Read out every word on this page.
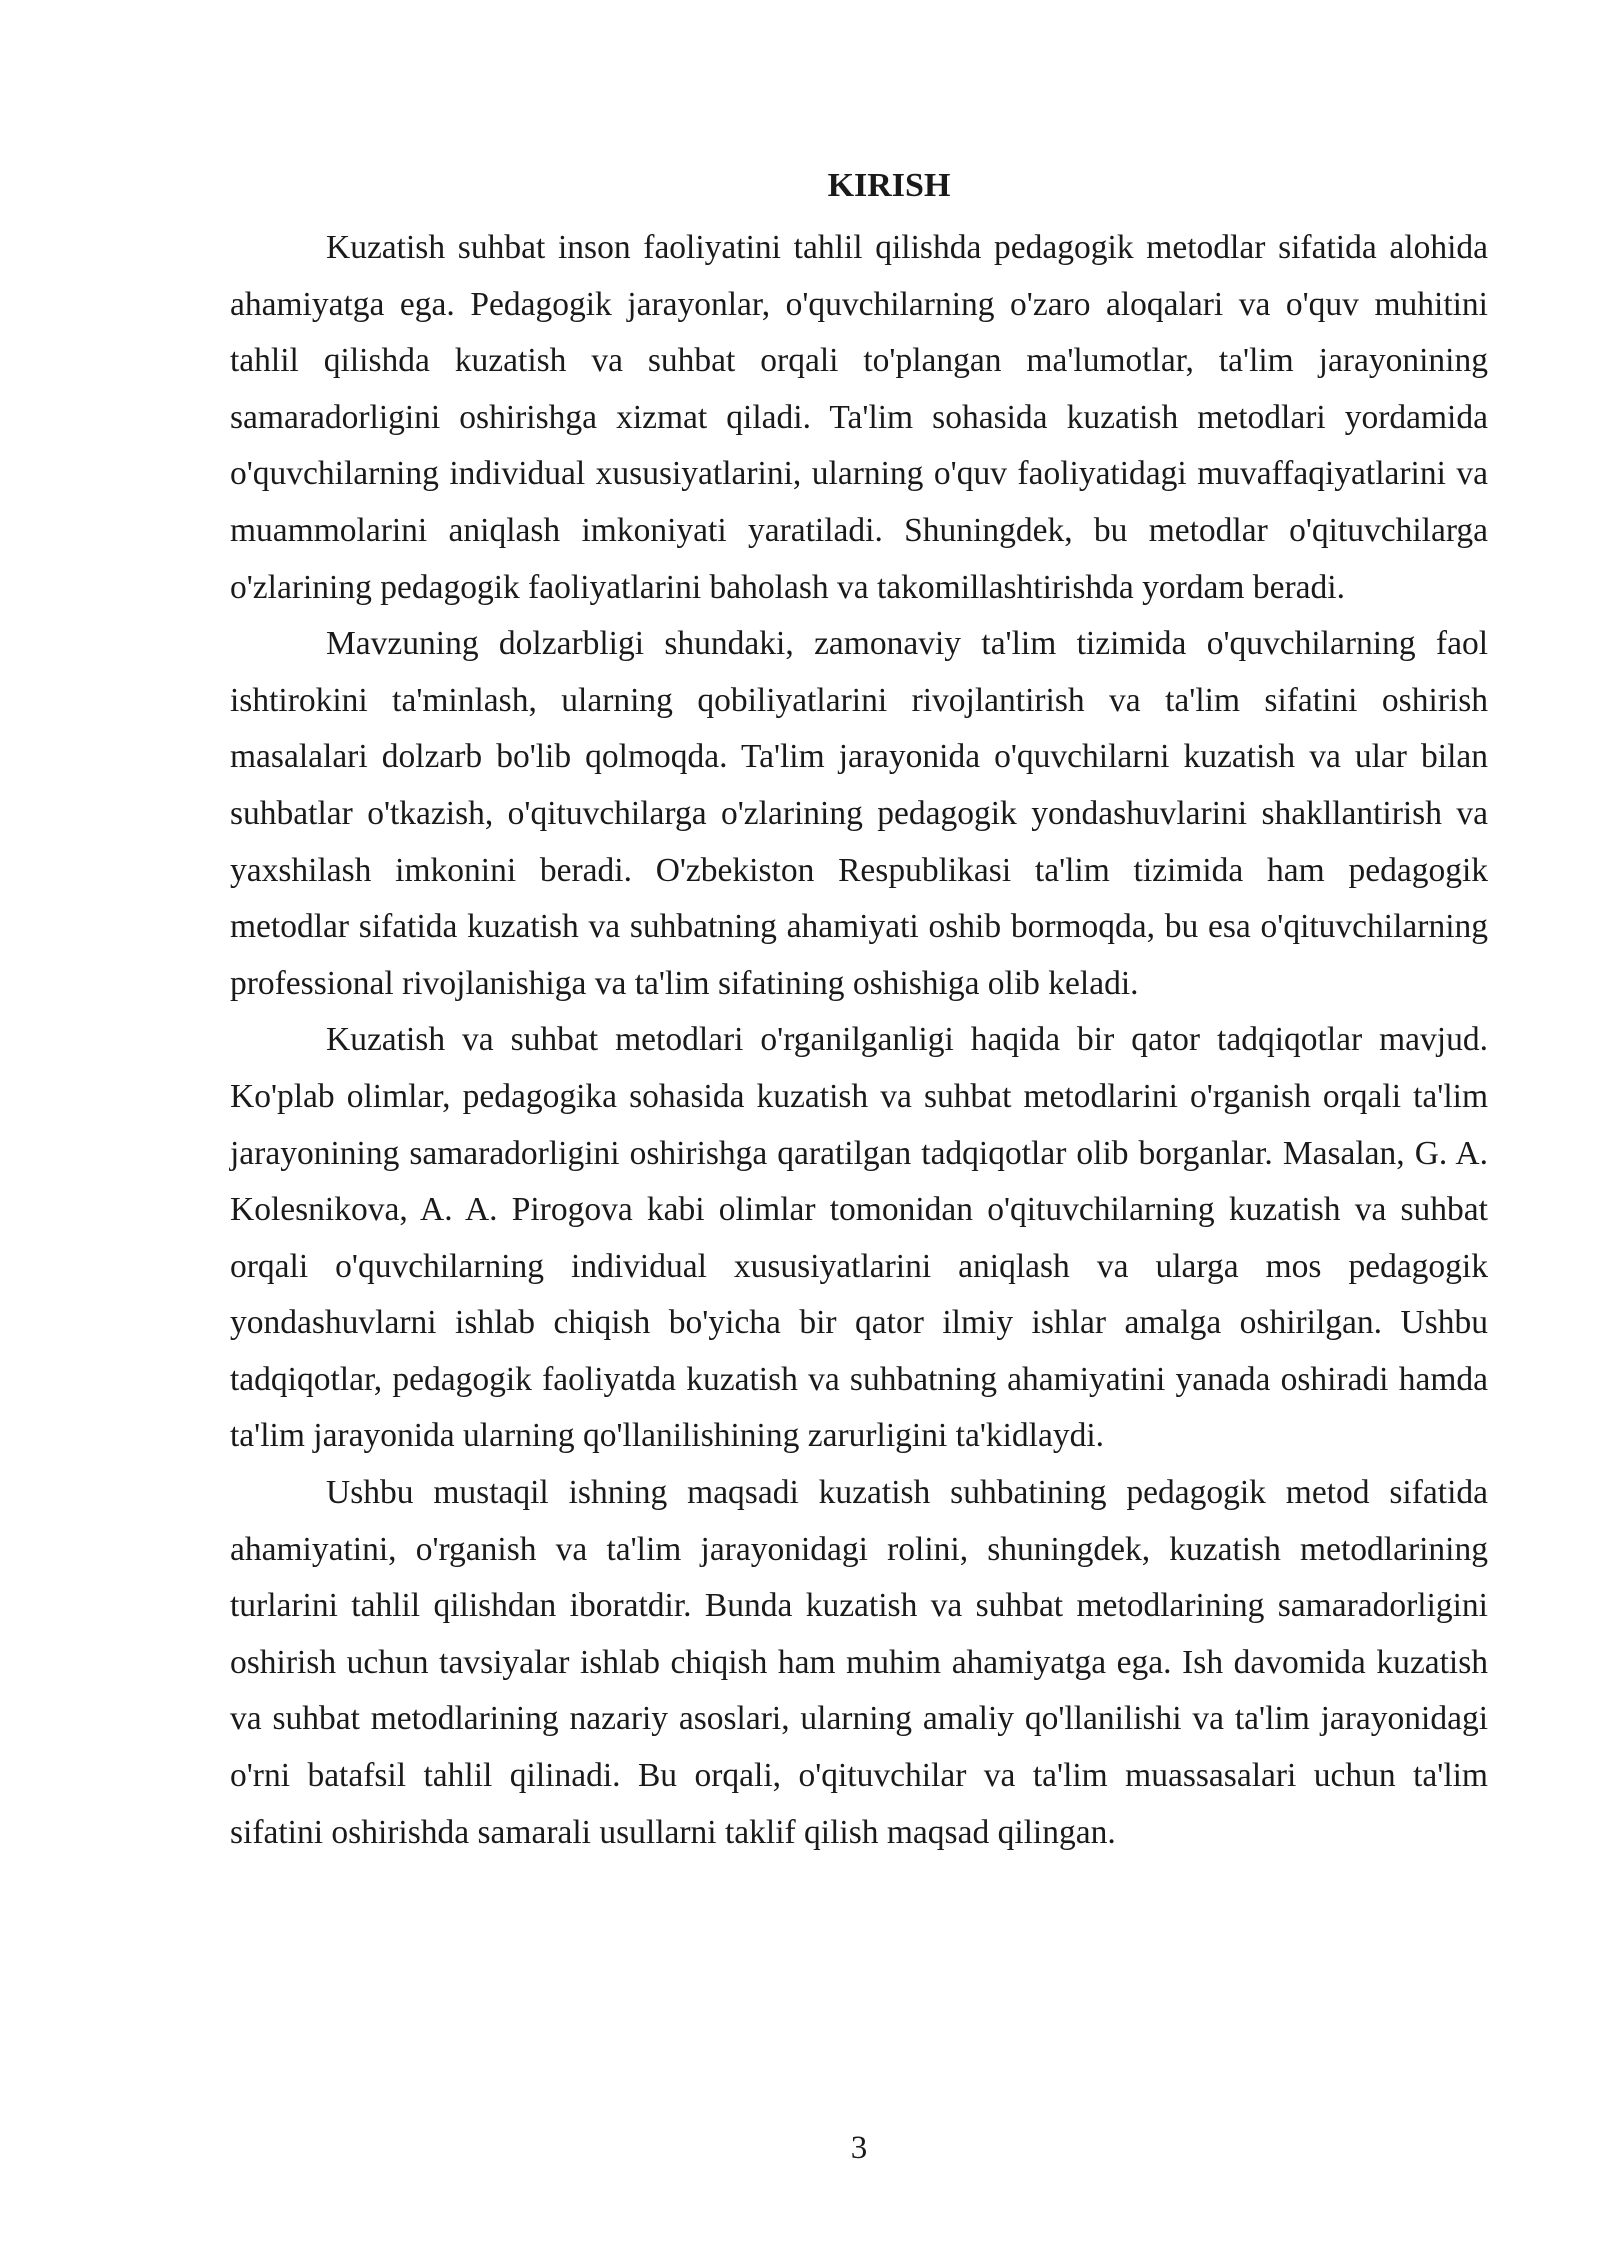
KIRISH

Kuzatish suhbat inson faoliyatini tahlil qilishda pedagogik metodlar sifatida alohida ahamiyatga ega. Pedagogik jarayonlar, o'quvchilarning o'zaro aloqalari va o'quv muhitini tahlil qilishda kuzatish va suhbat orqali to'plangan ma'lumotlar, ta'lim jarayonining samaradorligini oshirishga xizmat qiladi. Ta'lim sohasida kuzatish metodlari yordamida o'quvchilarning individual xususiyatlarini, ularning o'quv faoliyatidagi muvaffaqiyatlarini va muammolarini aniqlash imkoniyati yaratiladi. Shuningdek, bu metodlar o'qituvchilarga o'zlarining pedagogik faoliyatlarini baholash va takomillashtirishda yordam beradi.

Mavzuning dolzarbligi shundaki, zamonaviy ta'lim tizimida o'quvchilarning faol ishtirokini ta'minlash, ularning qobiliyatlarini rivojlantirish va ta'lim sifatini oshirish masalalari dolzarb bo'lib qolmoqda. Ta'lim jarayonida o'quvchilarni kuzatish va ular bilan suhbatlar o'tkazish, o'qituvchilarga o'zlarining pedagogik yondashuvlarini shakllantirish va yaxshilash imkonini beradi. O'zbekiston Respublikasi ta'lim tizimida ham pedagogik metodlar sifatida kuzatish va suhbatning ahamiyati oshib bormoqda, bu esa o'qituvchilarning professional rivojlanishiga va ta'lim sifatining oshishiga olib keladi.

Kuzatish va suhbat metodlari o'rganilganligi haqida bir qator tadqiqotlar mavjud. Ko'plab olimlar, pedagogika sohasida kuzatish va suhbat metodlarini o'rganish orqali ta'lim jarayonining samaradorligini oshirishga qaratilgan tadqiqotlar olib borganlar. Masalan, G. A. Kolesnikova, A. A. Pirogova kabi olimlar tomonidan o'qituvchilarning kuzatish va suhbat orqali o'quvchilarning individual xususiyatlarini aniqlash va ularga mos pedagogik yondashuvlarni ishlab chiqish bo'yicha bir qator ilmiy ishlar amalga oshirilgan. Ushbu tadqiqotlar, pedagogik faoliyatda kuzatish va suhbatning ahamiyatini yanada oshiradi hamda ta'lim jarayonida ularning qo'llanilishining zarurligini ta'kidlaydi.

Ushbu mustaqil ishning maqsadi kuzatish suhbatining pedagogik metod sifatida ahamiyatini, o'rganish va ta'lim jarayonidagi rolini, shuningdek, kuzatish metodlarining turlarini tahlil qilishdan iboratdir. Bunda kuzatish va suhbat metodlarining samaradorligini oshirish uchun tavsiyalar ishlab chiqish ham muhim ahamiyatga ega. Ish davomida kuzatish va suhbat metodlarining nazariy asoslari, ularning amaliy qo'llanilishi va ta'lim jarayonidagi o'rni batafsil tahlil qilinadi. Bu orqali, o'qituvchilar va ta'lim muassasalari uchun ta'lim sifatini oshirishda samarali usullarni taklif qilish maqsad qilingan.

3
